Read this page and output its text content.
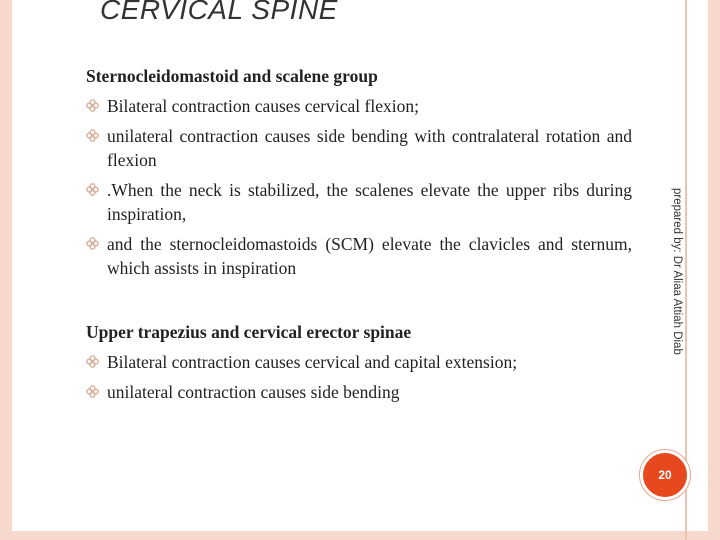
CERVICAL SPINE
Sternocleidomastoid and scalene group
Bilateral contraction causes cervical flexion;
unilateral contraction causes side bending with contralateral rotation and flexion
.When the neck is stabilized, the scalenes elevate the upper ribs during inspiration,
and the sternocleidomastoids (SCM) elevate the clavicles and sternum, which assists in inspiration
Upper trapezius and cervical erector spinae
Bilateral contraction causes cervical and capital extension;
unilateral contraction causes side bending
prepared by: Dr Aliaa Attiah Diab
20
